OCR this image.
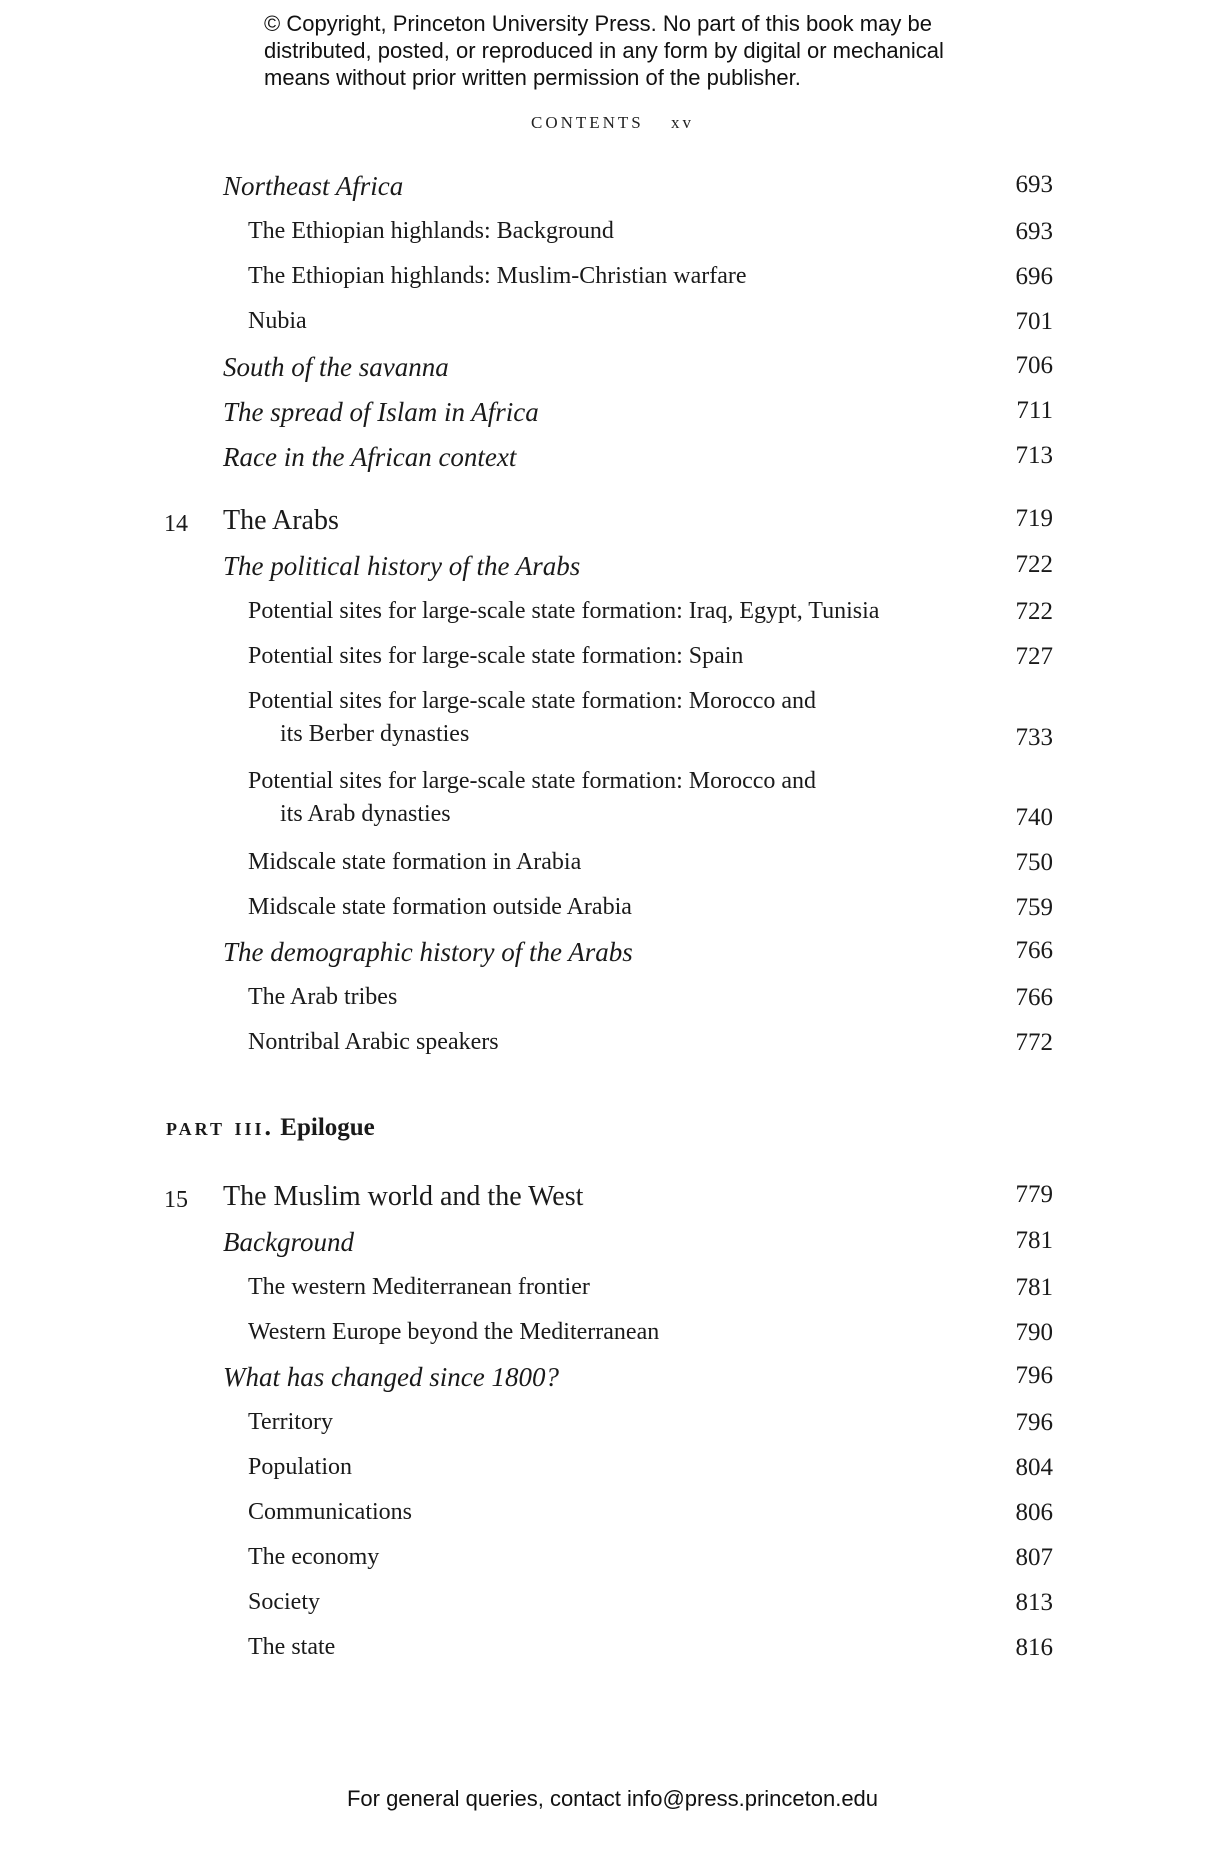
© Copyright, Princeton University Press. No part of this book may be
distributed, posted, or reproduced in any form by digital or mechanical
means without prior written permission of the publisher.
CONTENTS xv
Northeast Africa	693
The Ethiopian highlands: Background	693
The Ethiopian highlands: Muslim-Christian warfare	696
Nubia	701
South of the savanna	706
The spread of Islam in Africa	711
Race in the African context	713
14 The Arabs	719
The political history of the Arabs	722
Potential sites for large-scale state formation: Iraq, Egypt, Tunisia	722
Potential sites for large-scale state formation: Spain	727
Potential sites for large-scale state formation: Morocco and
its Berber dynasties	733
Potential sites for large-scale state formation: Morocco and
its Arab dynasties	740
Midscale state formation in Arabia	750
Midscale state formation outside Arabia	759
The demographic history of the Arabs	766
The Arab tribes	766
Nontribal Arabic speakers	772
part iii. Epilogue
15 The Muslim world and the West	779
Background	781
The western Mediterranean frontier	781
Western Europe beyond the Mediterranean	790
What has changed since 1800?	796
Territory	796
Population	804
Communications	806
The economy	807
Society	813
The state	816
For general queries, contact info@press.princeton.edu
